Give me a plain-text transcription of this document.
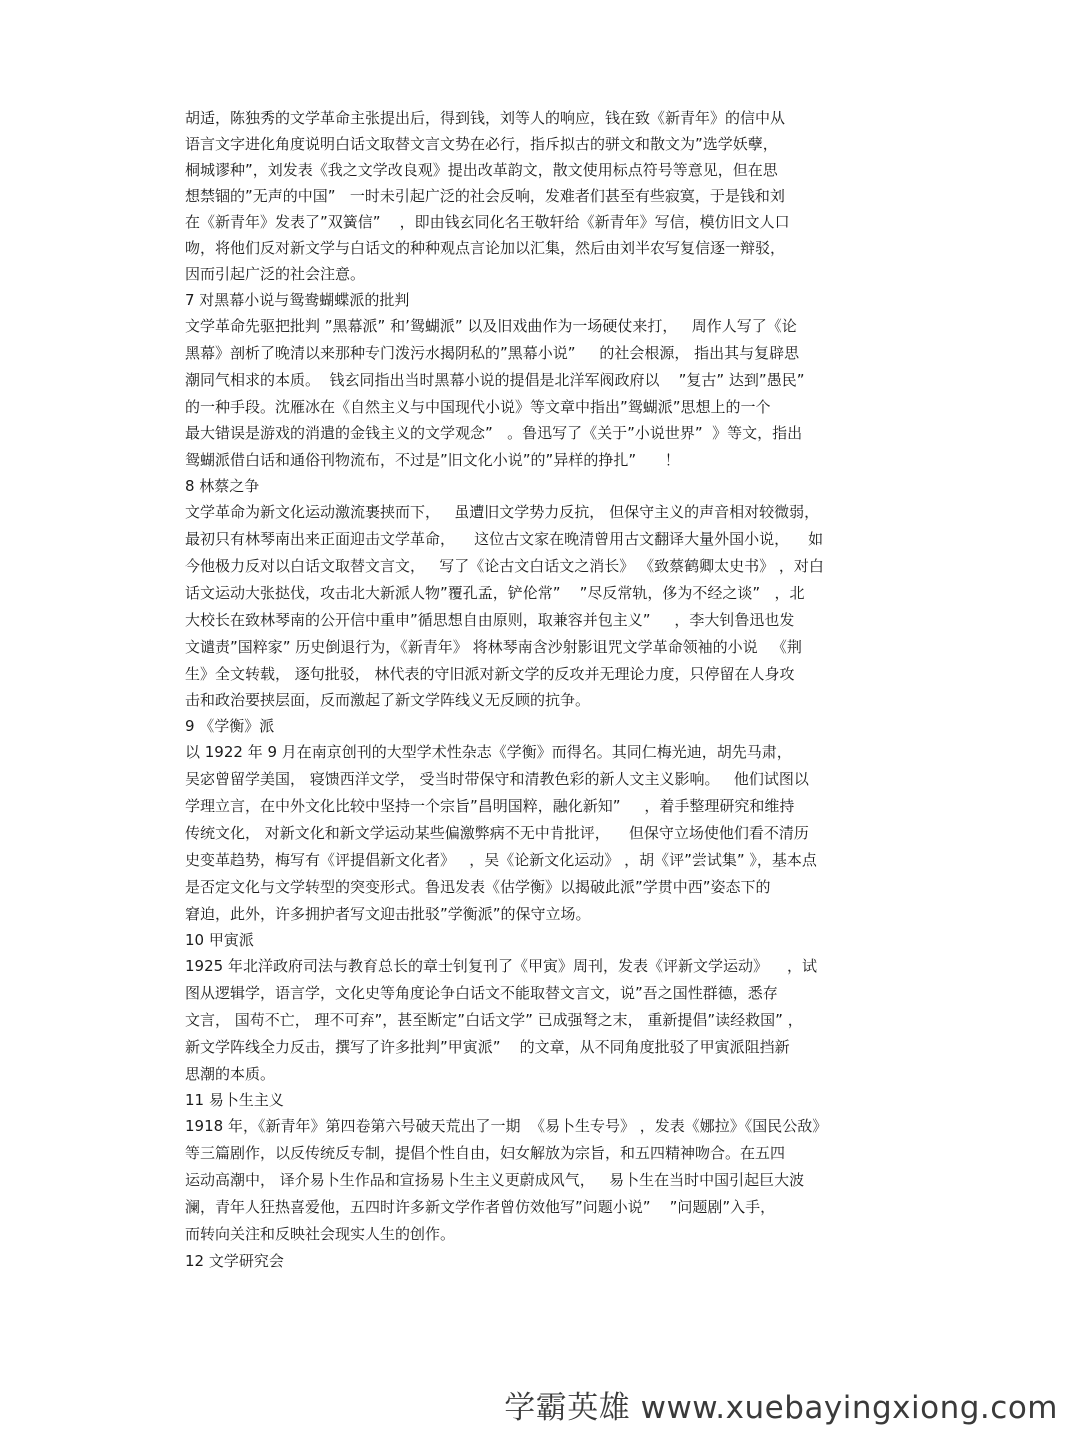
胡适，陈独秀的文学革命主张提出后，得到钱，刘等人的响应，钱在致《新青年》的信中从
语言文字进化角度说明白话文取替文言文势在必行，指斥拟古的骈文和散文为”选学妖孽，
桐城谬种”，刘发表《我之文学改良观》提出改革韵文，散文使用标点符号等意见，但在思
想禁锢的”无声的中国”   一时未引起广泛的社会反响，发难者们甚至有些寂寞，于是钱和刘
在《新青年》发表了”双簧信”    ，即由钱玄同化名王敬轩给《新青年》写信，模仿旧文人口
吻，将他们反对新文学与白话文的种种观点言论加以汇集，然后由刘半农写复信逐一辩驳，
因而引起广泛的社会注意。
7 对黑幕小说与鸳鸯蝴蝶派的批判
文学革命先驱把批判 ”黑幕派” 和’鸳蝴派” 以及旧戏曲作为一场硬仗来打，   周作人写了《论
黑幕》剖析了晚清以来那种专门泼污水揭阴私的”黑幕小说”     的社会根源， 指出其与复辟思
潮同气相求的本质。  钱玄同指出当时黑幕小说的提倡是北洋军阀政府以    ”复古” 达到”愚民”
的一种手段。沈雁冰在《自然主义与中国现代小说》等文章中指出”鸳蝴派”思想上的一个
最大错误是游戏的消遣的金钱主义的文学观念”   。鲁迅写了《关于”小说世界”  》等文，指出
鸳蝴派借白话和通俗刊物流布，不过是”旧文化小说”的”异样的挣扎”      ！
8 林蔡之争
文学革命为新文化运动激流裹挟而下，   虽遭旧文学势力反抗， 但保守主义的声音相对较微弱，
最初只有林琴南出来正面迎击文学革命，    这位古文家在晚清曾用古文翻译大量外国小说，    如
今他极力反对以白话文取替文言文，   写了《论古文白话文之消长》 《致蔡鹤卿太史书》 ，对白
话文运动大张挞伐，攻击北大新派人物”覆孔孟，铲伦常”    ”尽反常轨，侈为不经之谈”   ，北
大校长在致林琴南的公开信中重申”循思想自由原则，取兼容并包主义”     ，李大钊鲁迅也发
文谴责”国粹家” 历史倒退行为，《新青年》 将林琴南含沙射影诅咒文学革命领袖的小说   《荆
生》全文转载， 逐句批驳， 林代表的守旧派对新文学的反攻并无理论力度，只停留在人身攻
击和政治要挟层面，反而激起了新文学阵线义无反顾的抗争。
9 《学衡》派
以 1922 年 9 月在南京创刊的大型学术性杂志《学衡》而得名。其同仁梅光迪，胡先马肃，
吴宓曾留学美国， 寝馈西洋文学， 受当时带保守和清教色彩的新人文主义影响。   他们试图以
学理立言，在中外文化比较中坚持一个宗旨”昌明国粹，融化新知”     ，着手整理研究和维持
传统文化， 对新文化和新文学运动某些偏激弊病不无中肯批评，    但保守立场使他们看不清历
史变革趋势，梅写有《评提倡新文化者》   ，吴《论新文化运动》 ，胡《评”尝试集” 》，基本点
是否定文化与文学转型的突变形式。鲁迅发表《估学衡》以揭破此派”学贯中西”姿态下的
窘迫，此外，许多拥护者写文迎击批驳”学衡派”的保守立场。
10 甲寅派
1925 年北洋政府司法与教育总长的章士钊复刊了《甲寅》周刊，发表《评新文学运动》    ，试
图从逻辑学，语言学，文化史等角度论争白话文不能取替文言文，说”吾之国性群德，悉存
文言， 国苟不亡， 理不可弃”，甚至断定”白话文学” 已成强弩之末， 重新提倡”读经救国” ，
新文学阵线全力反击，撰写了许多批判”甲寅派”    的文章，从不同角度批驳了甲寅派阻挡新
思潮的本质。
11 易卜生主义
1918 年，《新青年》第四卷第六号破天荒出了一期  《易卜生专号》 ，发表《娜拉》《国民公敌》
等三篇剧作，以反传统反专制，提倡个性自由，妇女解放为宗旨，和五四精神吻合。在五四
运动高潮中， 译介易卜生作品和宣扬易卜生主义更蔚成风气，   易卜生在当时中国引起巨大波
澜，青年人狂热喜爱他，五四时许多新文学作者曾仿效他写”问题小说”    ”问题剧”入手，
而转向关注和反映社会现实人生的创作。
12 文学研究会
学霸英雄 www.xuebayingxiong.com
